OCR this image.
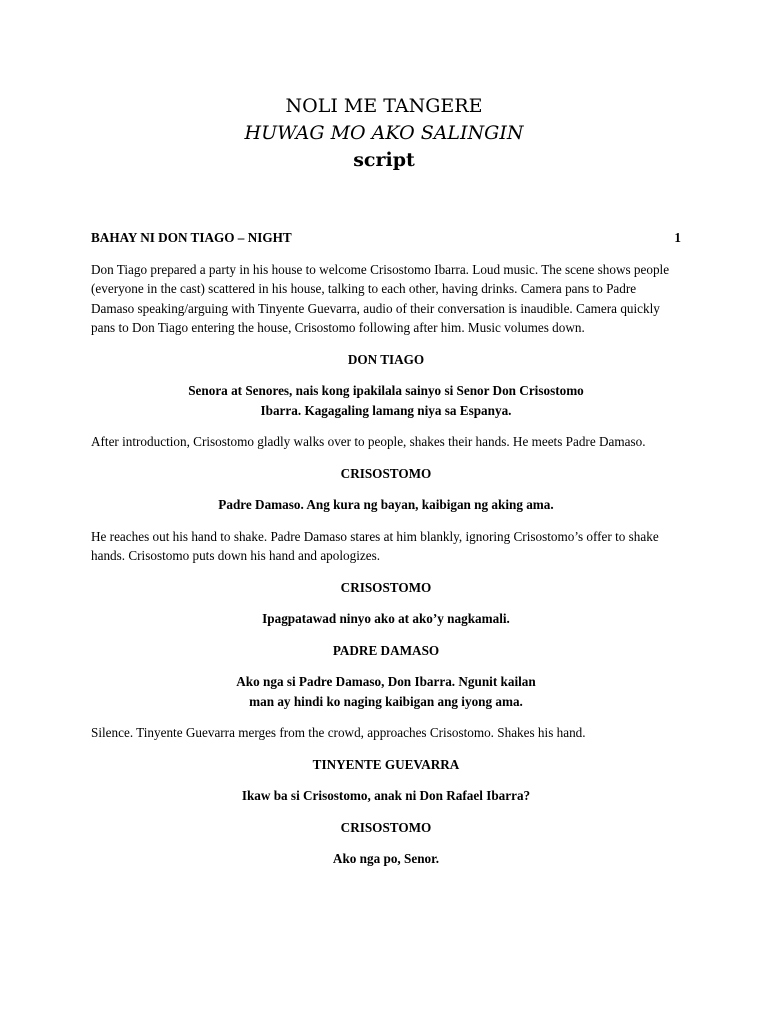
NOLI ME TANGERE
HUWAG MO AKO SALINGIN
script
BAHAY NI DON TIAGO – NIGHT	1
Don Tiago prepared a party in his house to welcome Crisostomo Ibarra. Loud music. The scene shows people (everyone in the cast) scattered in his house, talking to each other, having drinks. Camera pans to Padre Damaso speaking/arguing with Tinyente Guevarra, audio of their conversation is inaudible. Camera quickly pans to Don Tiago entering the house, Crisostomo following after him. Music volumes down.
DON TIAGO
Senora at Senores, nais kong ipakilala sainyo si Senor Don Crisostomo
Ibarra. Kagagaling lamang niya sa Espanya.
After introduction, Crisostomo gladly walks over to people, shakes their hands. He meets Padre Damaso.
CRISOSTOMO
Padre Damaso. Ang kura ng bayan, kaibigan ng aking ama.
He reaches out his hand to shake. Padre Damaso stares at him blankly, ignoring Crisostomo’s offer to shake hands. Crisostomo puts down his hand and apologizes.
CRISOSTOMO
Ipagpatawad ninyo ako at ako’y nagkamali.
PADRE DAMASO
Ako nga si Padre Damaso, Don Ibarra. Ngunit kailan
man ay hindi ko naging kaibigan ang iyong ama.
Silence. Tinyente Guevarra merges from the crowd, approaches Crisostomo. Shakes his hand.
TINYENTE GUEVARRA
Ikaw ba si Crisostomo, anak ni Don Rafael Ibarra?
CRISOSTOMO
Ako nga po, Senor.
